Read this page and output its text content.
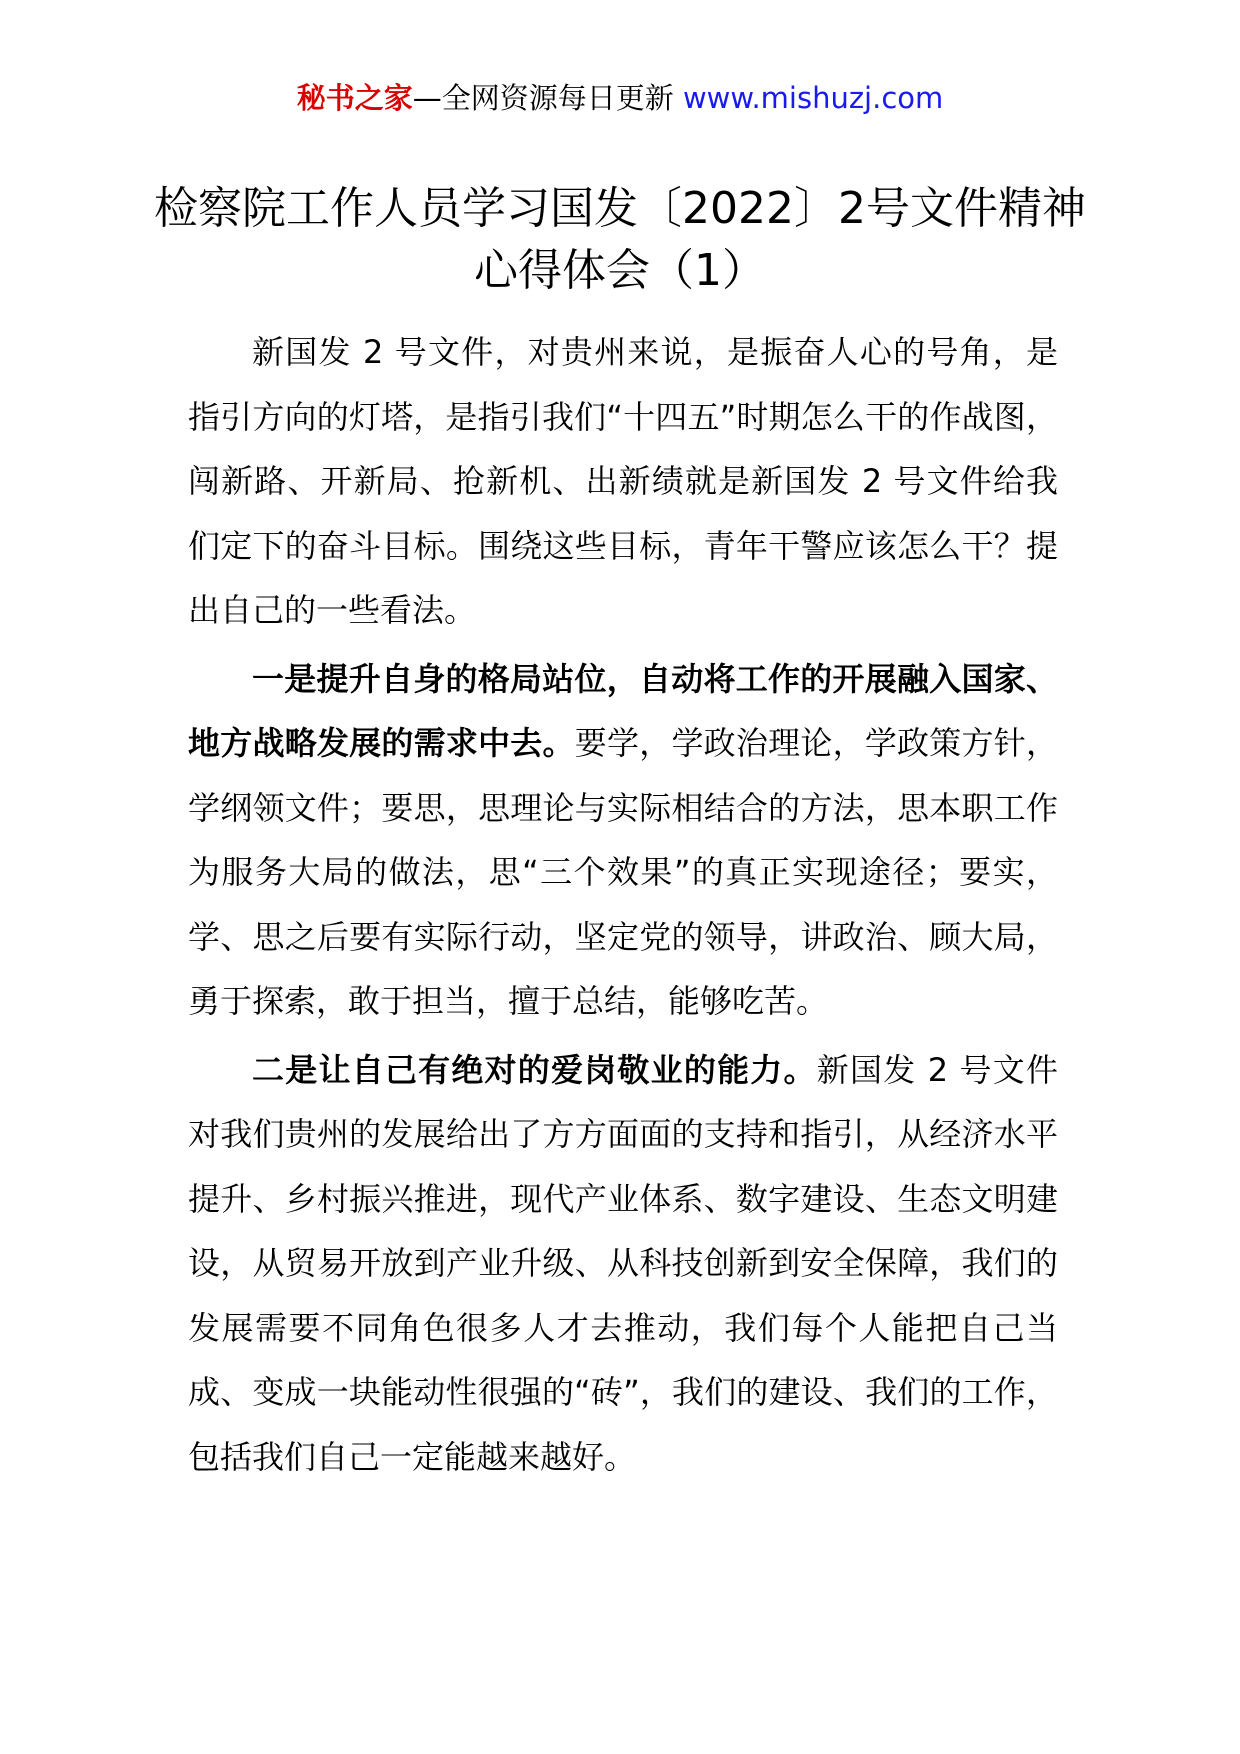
秘书之家—全网资源每日更新 www.mishuzj.com
检察院工作人员学习国发〔2022〕2号文件精神心得体会（1）

新国发 2 号文件，对贵州来说，是振奋人心的号角，是指引方向的灯塔，是指引我们“十四五”时期怎么干的作战图，闯新路、开新局、抢新机、出新绩就是新国发 2 号文件给我们定下的奋斗目标。围绕这些目标，青年干警应该怎么干？提出自己的一些看法。

一是提升自身的格局站位，自动将工作的开展融入国家、地方战略发展的需求中去。要学，学政治理论，学政策方针，学纲领文件；要思，思理论与实际相结合的方法，思本职工作为服务大局的做法，思“三个效果”的真正实现途径；要实，学、思之后要有实际行动，坚定党的领导，讲政治、顾大局，勇于探索，敢于担当，擅于总结，能够吃苦。

二是让自己有绝对的爱岗敬业的能力。新国发 2 号文件对我们贵州的发展给出了方方面面的支持和指引，从经济水平提升、乡村振兴推进，现代产业体系、数字建设、生态文明建设，从贸易开放到产业升级、从科技创新到安全保障，我们的发展需要不同角色很多人才去推动，我们每个人能把自己当成、变成一块能动性很强的“砖”，我们的建设、我们的工作，包括我们自己一定能越来越好。
